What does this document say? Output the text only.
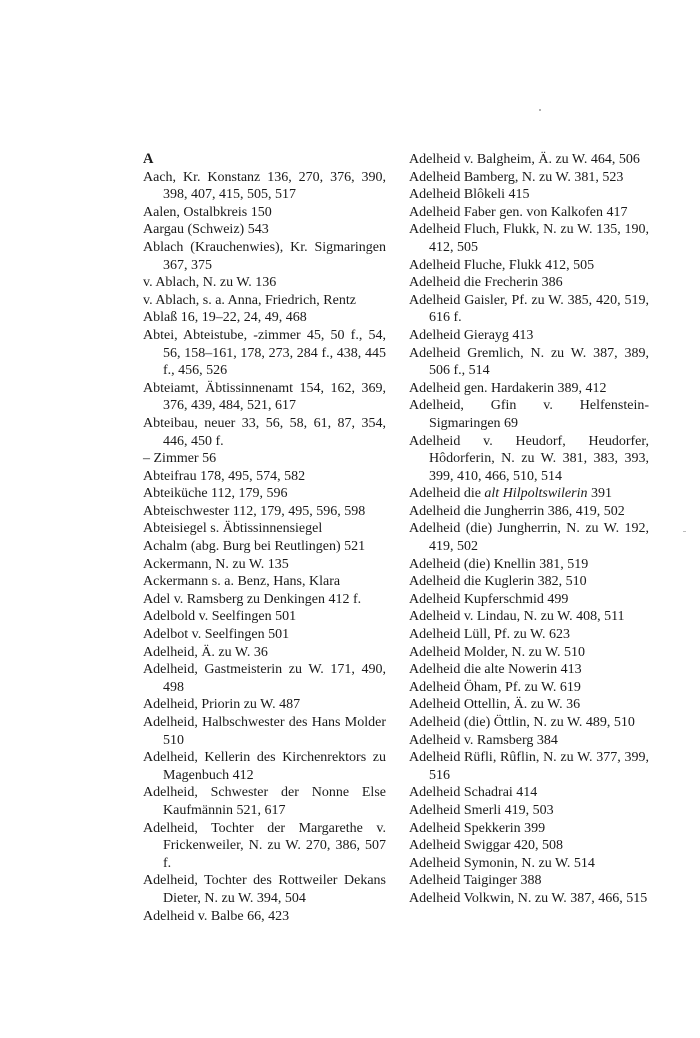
A

Aach, Kr. Konstanz 136, 270, 376, 390, 398, 407, 415, 505, 517

Aalen, Ostalbkreis 150

Aargau (Schweiz) 543

Ablach (Krauchenwies), Kr. Sigmaringen 367, 375

v. Ablach, N. zu W. 136

v. Ablach, s. a. Anna, Friedrich, Rentz

Ablaß 16, 19–22, 24, 49, 468

Abtei, Abteistube, -zimmer 45, 50 f., 54, 56, 158–161, 178, 273, 284 f., 438, 445 f., 456, 526

Abteiamt, Äbtissinnenamt 154, 162, 369, 376, 439, 484, 521, 617

Abteibau, neuer 33, 56, 58, 61, 87, 354, 446, 450 f.

– Zimmer 56

Abteifrau 178, 495, 574, 582

Abteiküche 112, 179, 596

Abteischwester 112, 179, 495, 596, 598

Abteisiegel s. Äbtissinnensiegel

Achalm (abg. Burg bei Reutlingen) 521

Ackermann, N. zu W. 135

Ackermann s. a. Benz, Hans, Klara

Adel v. Ramsberg zu Denkingen 412 f.

Adelbold v. Seelfingen 501

Adelbot v. Seelfingen 501

Adelheid, Ä. zu W. 36

Adelheid, Gastmeisterin zu W. 171, 490, 498

Adelheid, Priorin zu W. 487

Adelheid, Halbschwester des Hans Molder 510

Adelheid, Kellerin des Kirchenrektors zu Magenbuch 412

Adelheid, Schwester der Nonne Else Kaufmännin 521, 617

Adelheid, Tochter der Margarethe v. Frickenweiler, N. zu W. 270, 386, 507 f.

Adelheid, Tochter des Rottweiler Dekans Dieter, N. zu W. 394, 504

Adelheid v. Balbe 66, 423

Adelheid v. Balgheim, Ä. zu W. 464, 506

Adelheid Bamberg, N. zu W. 381, 523

Adelheid Blôkeli 415

Adelheid Faber gen. von Kalkofen 417

Adelheid Fluch, Flukk, N. zu W. 135, 190, 412, 505

Adelheid Fluche, Flukk 412, 505

Adelheid die Frecherin 386

Adelheid Gaisler, Pf. zu W. 385, 420, 519, 616 f.

Adelheid Gierayg 413

Adelheid Gremlich, N. zu W. 387, 389, 506 f., 514

Adelheid gen. Hardakerin 389, 412

Adelheid, Gfin v. Helfenstein-Sigmaringen 69

Adelheid v. Heudorf, Heudorfer, Hôdorferin, N. zu W. 381, 383, 393, 399, 410, 466, 510, 514

Adelheid die alt Hilpoltswilerin 391

Adelheid die Jungherrin 386, 419, 502

Adelheid (die) Jungherrin, N. zu W. 192, 419, 502

Adelheid (die) Knellin 381, 519

Adelheid die Kuglerin 382, 510

Adelheid Kupferschmid 499

Adelheid v. Lindau, N. zu W. 408, 511

Adelheid Lüll, Pf. zu W. 623

Adelheid Molder, N. zu W. 510

Adelheid die alte Nowerin 413

Adelheid Öham, Pf. zu W. 619

Adelheid Ottellin, Ä. zu W. 36

Adelheid (die) Öttlin, N. zu W. 489, 510

Adelheid v. Ramsberg 384

Adelheid Rüfli, Rûflin, N. zu W. 377, 399, 516

Adelheid Schadrai 414

Adelheid Smerli 419, 503

Adelheid Spekkerin 399

Adelheid Swiggar 420, 508

Adelheid Symonin, N. zu W. 514

Adelheid Taiginger 388

Adelheid Volkwin, N. zu W. 387, 466, 515
